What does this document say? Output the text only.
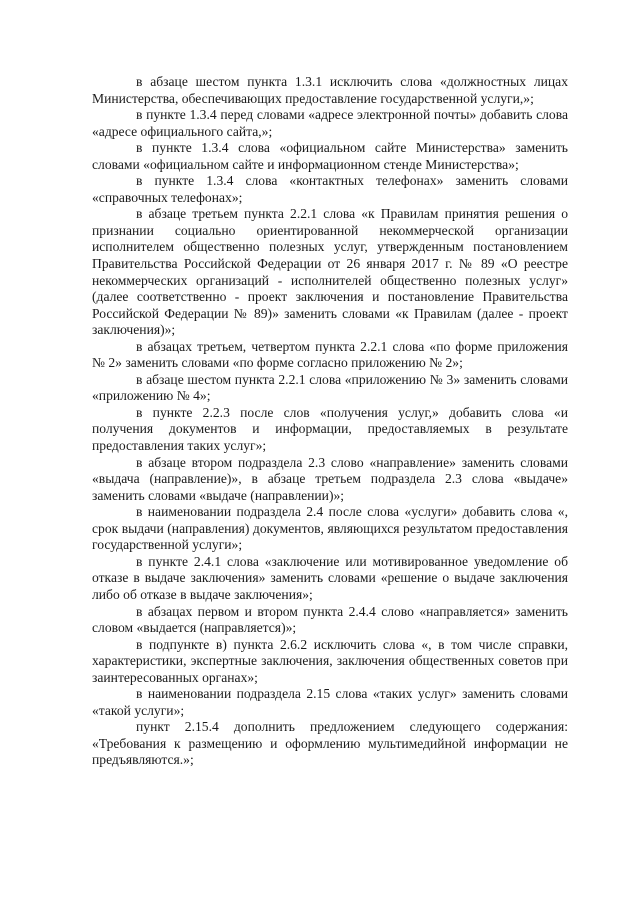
в абзаце шестом пункта 1.3.1 исключить слова «должностных лицах Министерства, обеспечивающих предоставление государственной услуги,»;

в пункте 1.3.4 перед словами «адресе электронной почты» добавить слова «адресе официального сайта,»;

в пункте 1.3.4 слова «официальном сайте Министерства» заменить словами «официальном сайте и информационном стенде Министерства»;

в пункте 1.3.4 слова «контактных телефонах» заменить словами «справочных телефонах»;

в абзаце третьем пункта 2.2.1 слова «к Правилам принятия решения о признании социально ориентированной некоммерческой организации исполнителем общественно полезных услуг, утвержденным постановлением Правительства Российской Федерации от 26 января 2017 г. № 89 «О реестре некоммерческих организаций - исполнителей общественно полезных услуг» (далее соответственно - проект заключения и постановление Правительства Российской Федерации № 89)» заменить словами «к Правилам (далее - проект заключения)»;

в абзацах третьем, четвертом пункта 2.2.1 слова «по форме приложения № 2» заменить словами «по форме согласно приложению № 2»;

в абзаце шестом пункта 2.2.1 слова «приложению № 3» заменить словами «приложению № 4»;

в пункте 2.2.3 после слов «получения услуг,» добавить слова «и получения документов и информации, предоставляемых в результате предоставления таких услуг»;

в абзаце втором подраздела 2.3 слово «направление» заменить словами «выдача (направление)», в абзаце третьем подраздела 2.3 слова «выдаче» заменить словами «выдаче (направлении)»;

в наименовании подраздела 2.4 после слова «услуги» добавить слова «, срок выдачи (направления) документов, являющихся результатом предоставления государственной услуги»;

в пункте 2.4.1 слова «заключение или мотивированное уведомление об отказе в выдаче заключения» заменить словами «решение о выдаче заключения либо об отказе в выдаче заключения»;

в абзацах первом и втором пункта 2.4.4 слово «направляется» заменить словом «выдается (направляется)»;

в подпункте в) пункта 2.6.2 исключить слова «, в том числе справки, характеристики, экспертные заключения, заключения общественных советов при заинтересованных органах»;

в наименовании подраздела 2.15 слова «таких услуг» заменить словами «такой услуги»;

пункт 2.15.4 дополнить предложением следующего содержания: «Требования к размещению и оформлению мультимедийной информации не предъявляются.»;
